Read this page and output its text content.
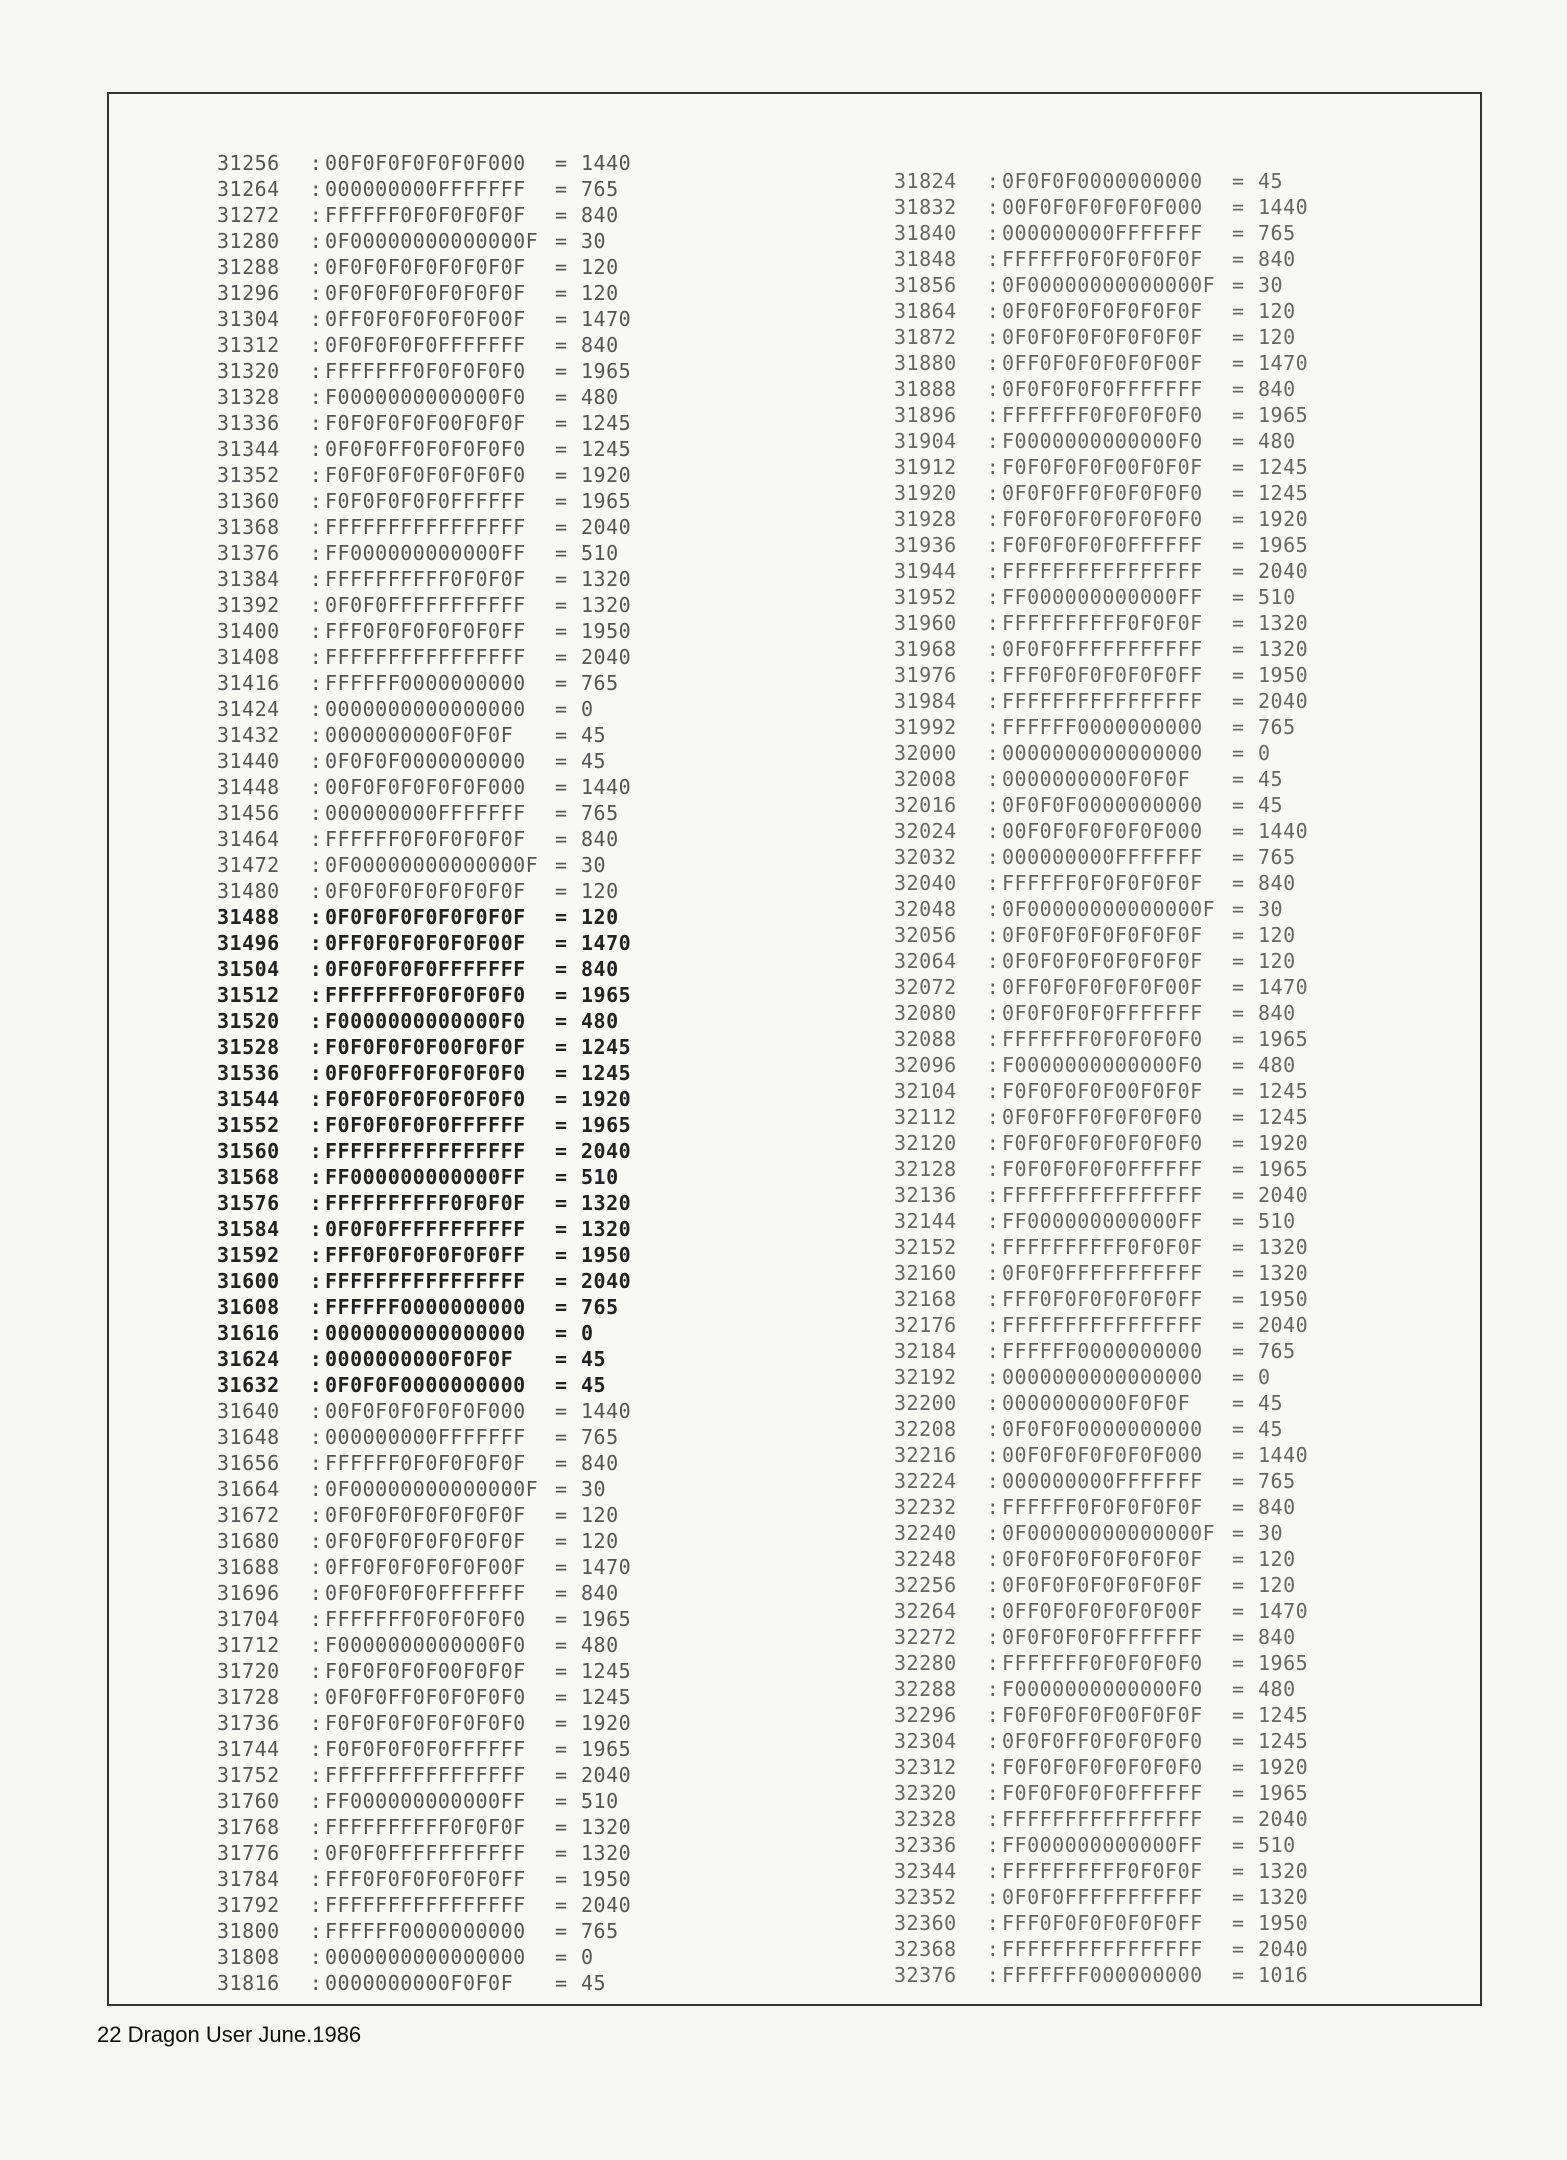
31256	: 00F0F0F0F0F0F000	= 1440
31264	: 000000000FFFFFFF	= 765
31272	: FFFFFF0F0F0F0F0F	= 840
31280	: 0F00000000000000F = 30
31288	: 0F0F0F0F0F0F0F0F	= 120
31296	: 0F0F0F0F0F0F0F0F	= 120
31304	: 0FF0F0F0F0F0F00F	= 1470
31312	: 0F0F0F0F0FFFFFFF	= 840
31320	: FFFFFFF0F0F0F0F0	= 1965
31328	: F0000000000000F0	= 480
31336	: F0F0F0F0F00F0F0F	= 1245
31344	: 0F0F0FF0F0F0F0F0	= 1245
31352	: F0F0F0F0F0F0F0F0	= 1920
31360	: F0F0F0F0F0FFFFFF	= 1965
31368	: FFFFFFFFFFFFFFFF	= 2040
31376	: FF000000000000FF	= 510
31384	: FFFFFFFFFF0F0F0F	= 1320
31392	: 0F0F0FFFFFFFFFFF	= 1320
31400	: FFF0F0F0F0F0F0FF	= 1950
31408	: FFFFFFFFFFFFFFFF	= 2040
31416	: FFFFFF0000000000	= 765
31424	: 0000000000000000	= 0
31432	: 0000000000F0F0F	= 45
31440	: 0F0F0F0000000000	= 45
31448	: 00F0F0F0F0F0F000	= 1440
31456	: 000000000FFFFFFF	= 765
31464	: FFFFFF0F0F0F0F0F	= 840
31472	: 0F00000000000000F = 30
31480	: 0F0F0F0F0F0F0F0F	= 120
31488	: 0F0F0F0F0F0F0F0F	= 120
31496	: 0FF0F0F0F0F0F00F	= 1470
31504	: 0F0F0F0F0FFFFFFF	= 840
31512	: FFFFFFF0F0F0F0F0	= 1965
31520	: F0000000000000F0	= 480
31528	: F0F0F0F0F00F0F0F	= 1245
31536	: 0F0F0FF0F0F0F0F0	= 1245
31544	: F0F0F0F0F0F0F0F0	= 1920
31552	: F0F0F0F0F0FFFFFF	= 1965
31560	: FFFFFFFFFFFFFFFF	= 2040
31568	: FF000000000000FF	= 510
31576	: FFFFFFFFFF0F0F0F	= 1320
31584	: 0F0F0FFFFFFFFFFF	= 1320
31592	: FFF0F0F0F0F0F0FF	= 1950
31600	: FFFFFFFFFFFFFFFF	= 2040
31608	: FFFFFF0000000000	= 765
31616	: 0000000000000000	= 0
31624	: 0000000000F0F0F	= 45
31632	: 0F0F0F0000000000	= 45
31640	: 00F0F0F0F0F0F000	= 1440
31648	: 000000000FFFFFFF	= 765
31656	: FFFFFF0F0F0F0F0F	= 840
31664	: 0F00000000000000F = 30
31672	: 0F0F0F0F0F0F0F0F	= 120
31680	: 0F0F0F0F0F0F0F0F	= 120
31688	: 0FF0F0F0F0F0F00F	= 1470
31696	: 0F0F0F0F0FFFFFFF	= 840
31704	: FFFFFFF0F0F0F0F0	= 1965
31712	: F0000000000000F0	= 480
31720	: F0F0F0F0F00F0F0F	= 1245
31728	: 0F0F0FF0F0F0F0F0	= 1245
31736	: F0F0F0F0F0F0F0F0	= 1920
31744	: F0F0F0F0F0FFFFFF	= 1965
31752	: FFFFFFFFFFFFFFFF	= 2040
31760	: FF000000000000FF	= 510
31768	: FFFFFFFFFF0F0F0F	= 1320
31776	: 0F0F0FFFFFFFFFFF	= 1320
31784	: FFF0F0F0F0F0F0FF	= 1950
31792	: FFFFFFFFFFFFFFFF	= 2040
31800	: FFFFFF0000000000	= 765
31808	: 0000000000000000	= 0
31816	: 0000000000F0F0F	= 45
31824	: 0F0F0F0000000000	= 45
31832	: 00F0F0F0F0F0F000	= 1440
31840	: 000000000FFFFFFF	= 765
31848	: FFFFFF0F0F0F0F0F	= 840
31856	: 0F00000000000000F = 30
31864	: 0F0F0F0F0F0F0F0F	= 120
31872	: 0F0F0F0F0F0F0F0F	= 120
31880	: 0FF0F0F0F0F0F00F	= 1470
31888	: 0F0F0F0F0FFFFFFF	= 840
31896	: FFFFFFF0F0F0F0F0	= 1965
31904	: F0000000000000F0	= 480
31912	: F0F0F0F0F00F0F0F	= 1245
31920	: 0F0F0FF0F0F0F0F0	= 1245
31928	: F0F0F0F0F0F0F0F0	= 1920
31936	: F0F0F0F0F0FFFFFF	= 1965
31944	: FFFFFFFFFFFFFFFF	= 2040
31952	: FF000000000000FF	= 510
31960	: FFFFFFFFFF0F0F0F	= 1320
31968	: 0F0F0FFFFFFFFFFF	= 1320
31976	: FFF0F0F0F0F0F0FF	= 1950
31984	: FFFFFFFFFFFFFFFF	= 2040
31992	: FFFFFF0000000000	= 765
32000	: 0000000000000000	= 0
32008	: 0000000000F0F0F	= 45
32016	: 0F0F0F0000000000	= 45
32024	: 00F0F0F0F0F0F000	= 1440
32032	: 000000000FFFFFFF	= 765
32040	: FFFFFF0F0F0F0F0F	= 840
32048	: 0F00000000000000F = 30
32056	: 0F0F0F0F0F0F0F0F	= 120
32064	: 0F0F0F0F0F0F0F0F	= 120
32072	: 0FF0F0F0F0F0F00F	= 1470
32080	: 0F0F0F0F0FFFFFFF	= 840
32088	: FFFFFFF0F0F0F0F0	= 1965
32096	: F0000000000000F0	= 480
32104	: F0F0F0F0F00F0F0F	= 1245
32112	: 0F0F0FF0F0F0F0F0	= 1245
32120	: F0F0F0F0F0F0F0F0	= 1920
32128	: F0F0F0F0F0FFFFFF	= 1965
32136	: FFFFFFFFFFFFFFFF	= 2040
32144	: FF000000000000FF	= 510
32152	: FFFFFFFFFF0F0F0F	= 1320
32160	: 0F0F0FFFFFFFFFFF	= 1320
32168	: FFF0F0F0F0F0F0FF	= 1950
32176	: FFFFFFFFFFFFFFFF	= 2040
32184	: FFFFFF0000000000	= 765
32192	: 0000000000000000	= 0
32200	: 0000000000F0F0F	= 45
32208	: 0F0F0F0000000000	= 45
32216	: 00F0F0F0F0F0F000	= 1440
32224	: 000000000FFFFFFF	= 765
32232	: FFFFFF0F0F0F0F0F	= 840
32240	: 0F00000000000000F = 30
32248	: 0F0F0F0F0F0F0F0F	= 120
32256	: 0F0F0F0F0F0F0F0F	= 120
32264	: 0FF0F0F0F0F0F00F	= 1470
32272	: 0F0F0F0F0FFFFFFF	= 840
32280	: FFFFFFF0F0F0F0F0	= 1965
32288	: F0000000000000F0	= 480
32296	: F0F0F0F0F00F0F0F	= 1245
32304	: 0F0F0FF0F0F0F0F0	= 1245
32312	: F0F0F0F0F0F0F0F0	= 1920
32320	: F0F0F0F0F0FFFFFF	= 1965
32328	: FFFFFFFFFFFFFFFF	= 2040
32336	: FF000000000000FF	= 510
32344	: FFFFFFFFFF0F0F0F	= 1320
32352	: 0F0F0FFFFFFFFFFF	= 1320
32360	: FFF0F0F0F0F0F0FF	= 1950
32368	: FFFFFFFFFFFFFFFF	= 2040
32376	: FFFFFFF000000000	= 1016
22 Dragon User June.1986
